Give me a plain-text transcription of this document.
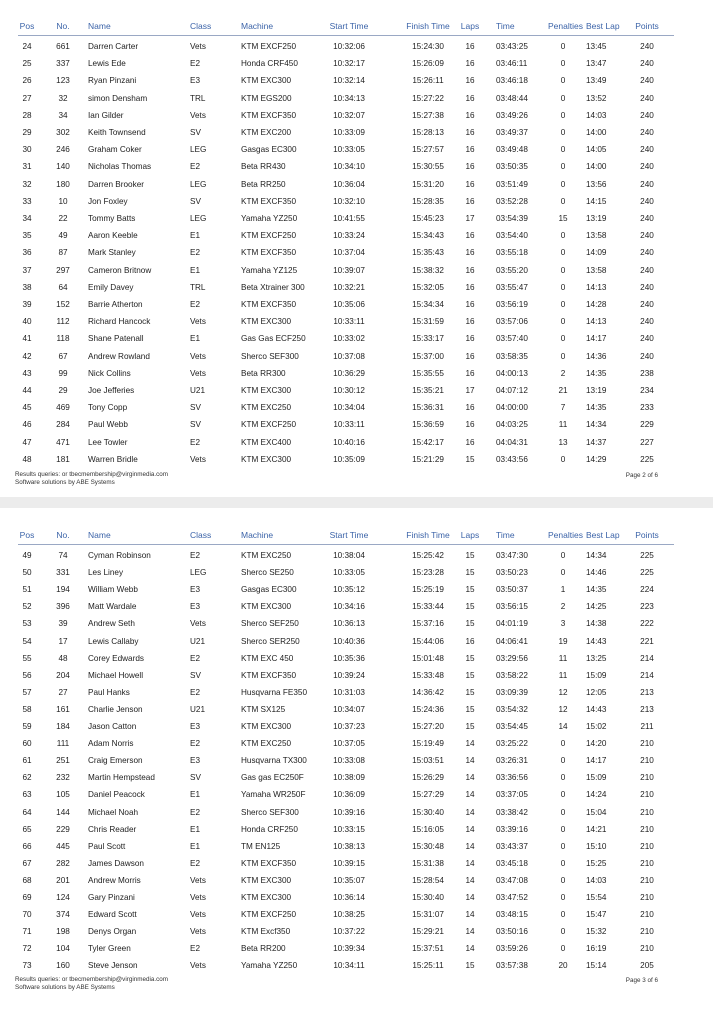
Pos	No.	Name	Class	Machine	Start Time	Finish Time	Laps	Time	Penalties Best Lap	Points
24	661	Darren Carter	Vets	KTM EXCF250	10:32:06	15:24:30	16	03:43:25	0	13:45	240
25	337	Lewis Ede	E2	Honda CRF450	10:32:17	15:26:09	16	03:46:11	0	13:47	240
26	123	Ryan Pinzani	E3	KTM EXC300	10:32:14	15:26:11	16	03:46:18	0	13:49	240
27	32	simon Densham	TRL	KTM EGS200	10:34:13	15:27:22	16	03:48:44	0	13:52	240
28	34	Ian Gilder	Vets	KTM EXCF350	10:32:07	15:27:38	16	03:49:26	0	14:03	240
29	302	Keith Townsend	SV	KTM EXC200	10:33:09	15:28:13	16	03:49:37	0	14:00	240
30	246	Graham Coker	LEG	Gasgas EC300	10:33:05	15:27:57	16	03:49:48	0	14:05	240
31	140	Nicholas Thomas	E2	Beta RR430	10:34:10	15:30:55	16	03:50:35	0	14:00	240
32	180	Darren Brooker	LEG	Beta RR250	10:36:04	15:31:20	16	03:51:49	0	13:56	240
33	10	Jon Foxley	SV	KTM EXCF350	10:32:10	15:28:35	16	03:52:28	0	14:15	240
34	22	Tommy Batts	LEG	Yamaha YZ250	10:41:55	15:45:23	17	03:54:39	15	13:19	240
35	49	Aaron Keeble	E1	KTM EXCF250	10:33:24	15:34:43	16	03:54:40	0	13:58	240
36	87	Mark Stanley	E2	KTM EXCF350	10:37:04	15:35:43	16	03:55:18	0	14:09	240
37	297	Cameron Britnow	E1	Yamaha YZ125	10:39:07	15:38:32	16	03:55:20	0	13:58	240
38	64	Emily Davey	TRL	Beta Xtrainer 300	10:32:21	15:32:05	16	03:55:47	0	14:13	240
39	152	Barrie Atherton	E2	KTM EXCF350	10:35:06	15:34:34	16	03:56:19	0	14:28	240
40	112	Richard Hancock	Vets	KTM EXC300	10:33:11	15:31:59	16	03:57:06	0	14:13	240
41	118	Shane Patenall	E1	Gas Gas ECF250	10:33:02	15:33:17	16	03:57:40	0	14:17	240
42	67	Andrew Rowland	Vets	Sherco SEF300	10:37:08	15:37:00	16	03:58:35	0	14:36	240
43	99	Nick Collins	Vets	Beta RR300	10:36:29	15:35:55	16	04:00:13	2	14:35	238
44	29	Joe Jefferies	U21	KTM EXC300	10:30:12	15:35:21	17	04:07:12	21	13:19	234
45	469	Tony Copp	SV	KTM EXC250	10:34:04	15:36:31	16	04:00:00	7	14:35	233
46	284	Paul Webb	SV	KTM EXCF250	10:33:11	15:36:59	16	04:03:25	11	14:34	229
47	471	Lee Towler	E2	KTM EXC400	10:40:16	15:42:17	16	04:04:31	13	14:37	227
48	181	Warren Bridle	Vets	KTM EXC300	10:35:09	15:21:29	15	03:43:56	0	14:29	225
Results queries: or tbecmembership@virginmedia.com
Software solutions by ABE Systems
Page 2 of 6
Pos	No.	Name	Class	Machine	Start Time	Finish Time	Laps	Time	Penalties Best Lap	Points
49	74	Cyman Robinson	E2	KTM EXC250	10:38:04	15:25:42	15	03:47:30	0	14:34	225
50	331	Les Liney	LEG	Sherco SE250	10:33:05	15:23:28	15	03:50:23	0	14:46	225
51	194	William Webb	E3	Gasgas EC300	10:35:12	15:25:19	15	03:50:37	1	14:35	224
52	396	Matt Wardale	E3	KTM EXC300	10:34:16	15:33:44	15	03:56:15	2	14:25	223
53	39	Andrew Seth	Vets	Sherco SEF250	10:36:13	15:37:16	15	04:01:19	3	14:38	222
54	17	Lewis Callaby	U21	Sherco SER250	10:40:36	15:44:06	16	04:06:41	19	14:43	221
55	48	Corey Edwards	E2	KTM EXC 450	10:35:36	15:01:48	15	03:29:56	11	13:25	214
56	204	Michael Howell	SV	KTM EXCF350	10:39:24	15:33:48	15	03:58:22	11	15:09	214
57	27	Paul Hanks	E2	Husqvarna FE350	10:31:03	14:36:42	15	03:09:39	12	12:05	213
58	161	Charlie Jenson	U21	KTM SX125	10:34:07	15:24:36	15	03:54:32	12	14:43	213
59	184	Jason Catton	E3	KTM EXC300	10:37:23	15:27:20	15	03:54:45	14	15:02	211
60	111	Adam Norris	E2	KTM EXC250	10:37:05	15:19:49	14	03:25:22	0	14:20	210
61	251	Craig Emerson	E3	Husqvarna TX300	10:33:08	15:03:51	14	03:26:31	0	14:17	210
62	232	Martin Hempstead	SV	Gas gas EC250F	10:38:09	15:26:29	14	03:36:56	0	15:09	210
63	105	Daniel Peacock	E1	Yamaha WR250F	10:36:09	15:27:29	14	03:37:05	0	14:24	210
64	144	Michael Noah	E2	Sherco SEF300	10:39:16	15:30:40	14	03:38:42	0	15:04	210
65	229	Chris Reader	E1	Honda CRF250	10:33:15	15:16:05	14	03:39:16	0	14:21	210
66	445	Paul Scott	E1	TM EN125	10:38:13	15:30:48	14	03:43:37	0	15:10	210
67	282	James Dawson	E2	KTM EXCF350	10:39:15	15:31:38	14	03:45:18	0	15:25	210
68	201	Andrew Morris	Vets	KTM EXC300	10:35:07	15:28:54	14	03:47:08	0	14:03	210
69	124	Gary Pinzani	Vets	KTM EXC300	10:36:14	15:30:40	14	03:47:52	0	15:54	210
70	374	Edward Scott	Vets	KTM EXCF250	10:38:25	15:31:07	14	03:48:15	0	15:47	210
71	198	Denys Organ	Vets	KTM Excf350	10:37:22	15:29:21	14	03:50:16	0	15:32	210
72	104	Tyler Green	E2	Beta RR200	10:39:34	15:37:51	14	03:59:26	0	16:19	210
73	160	Steve Jenson	Vets	Yamaha YZ250	10:34:11	15:25:11	15	03:57:38	20	15:14	205
Results queries: or tbecmembership@virginmedia.com
Software solutions by ABE Systems
Page 3 of 6
